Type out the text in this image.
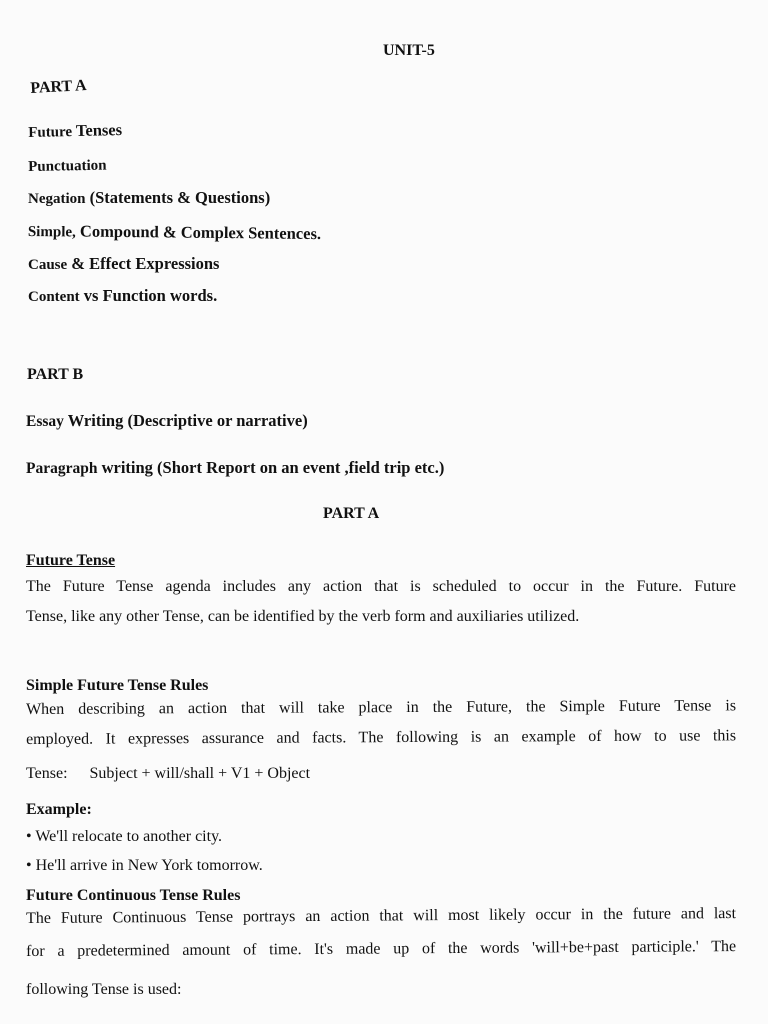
UNIT-5
PART A
Future Tenses
Punctuation
Negation (Statements & Questions)
Simple, Compound & Complex Sentences.
Cause & Effect Expressions
Content vs Function words.
PART B
Essay Writing (Descriptive or narrative)
Paragraph writing (Short Report on an event ,field trip etc.)
PART A
Future Tense
The Future Tense agenda includes any action that is scheduled to occur in the Future. Future
Tense, like any other Tense, can be identified by the verb form and auxiliaries utilized.
Simple Future Tense Rules
When describing an action that will take place in the Future, the Simple Future Tense is
employed. It expresses assurance and facts. The following is an example of how to use this
Tense: Subject + will/shall + V1 + Object
Example:
• We'll relocate to another city.
• He'll arrive in New York tomorrow.
Future Continuous Tense Rules
The Future Continuous Tense portrays an action that will most likely occur in the future and last
for a predetermined amount of time. It's made up of the words 'will+be+past participle.' The
following Tense is used:
